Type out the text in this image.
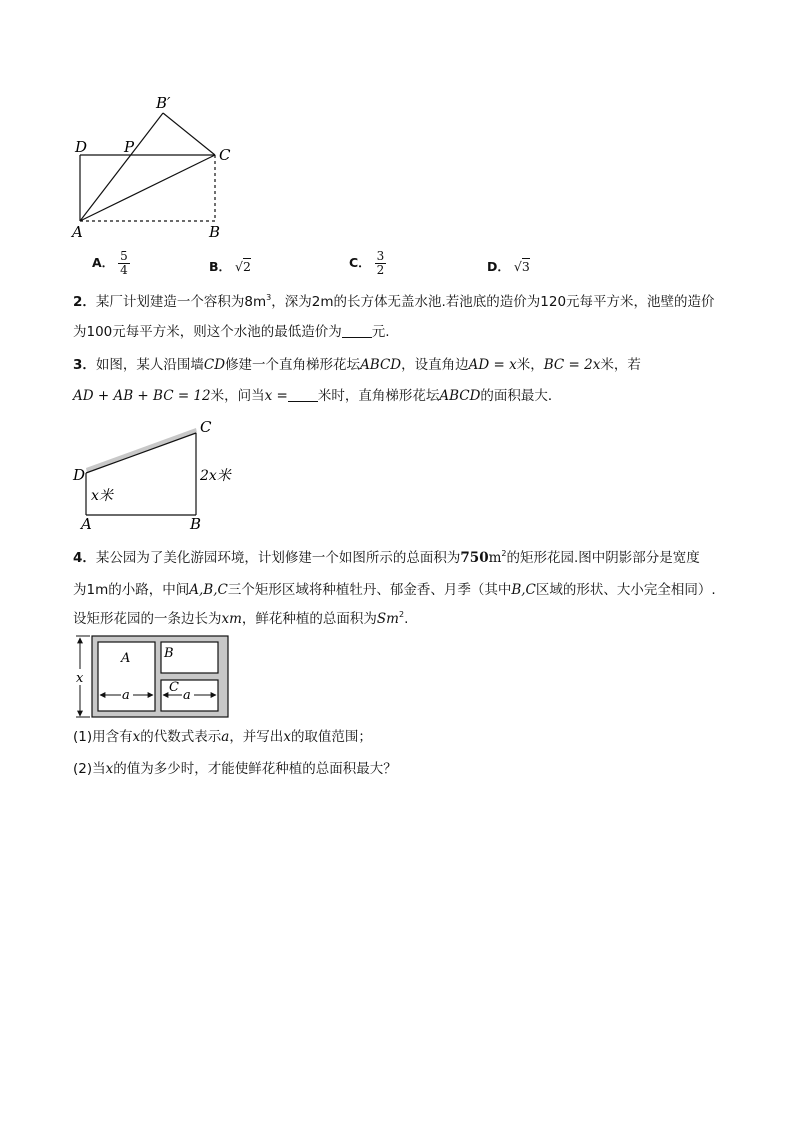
B′
D P	C
A	B
A． $\frac{5}{4}$	B． √2	C． $\frac{3}{2}$	D． √3
2．某厂计划建造一个容积为$8m^3$，深为2m的长方体无盖水池.若池底的造价为120元每平方米，池壁的造价
为100元每平方米，则这个水池的最低造价为 元.
3．如图，某人沿围墙CD修建一个直角梯形花坛ABCD，设直角边AD = x米，BC = 2x米，若
AD + AB + BC = 12米，问当x = 米时，直角梯形花坛ABCD的面积最大．
C
D
x米
2x米
A	B
4．某公园为了美化游园环境，计划修建一个如图所示的总面积为$750m^2$的矩形花园.图中阴影部分是宽度
为1m的小路，中间A,B,C三个矩形区域将种植牡丹、郁金香、月季（其中B,C区域的形状、大小完全相同）.
设矩形花园的一条边长为xm，鲜花种植的总面积为Sm$^2$.
x
A	B
C
a	a
(1)用含有x的代数式表示a，并写出x的取值范围；
(2)当x的值为多少时，才能使鲜花种植的总面积最大？
